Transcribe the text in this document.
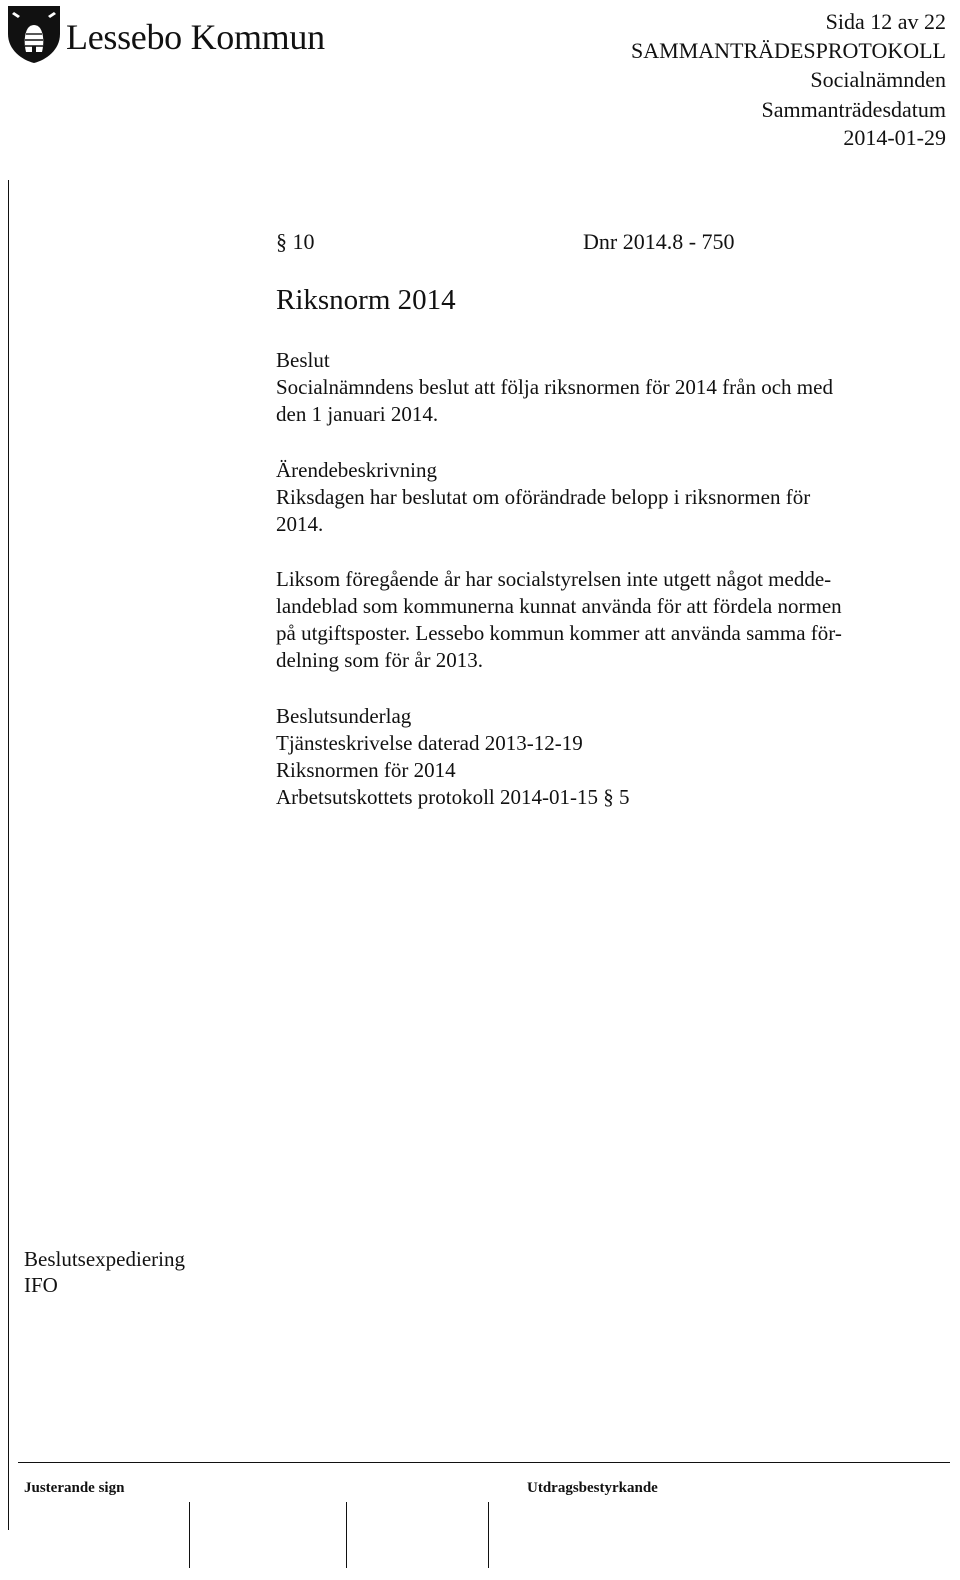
Lessebo Kommun	Sida 12 av 22
SAMMANTRÄDESPROTOKOLL
Socialnämnden
Sammanträdesdatum
2014-01-29
§ 10	Dnr 2014.8 - 750
Riksnorm 2014
Beslut
Socialnämndens beslut att följa riksnormen för 2014 från och med
den 1 januari 2014.
Ärendebeskrivning
Riksdagen har beslutat om oförändrade belopp i riksnormen för
2014.
Liksom föregående år har socialstyrelsen inte utgett något medde-
landeblad som kommunerna kunnat använda för att fördela normen
på utgiftsposter. Lessebo kommun kommer att använda samma för-
delning som för år 2013.
Beslutsunderlag
Tjänsteskrivelse daterad 2013-12-19
Riksnormen för 2014
Arbetsutskottets protokoll 2014-01-15 § 5
Beslutsexpediering
IFO
Justerande sign	Utdragsbestyrkande
